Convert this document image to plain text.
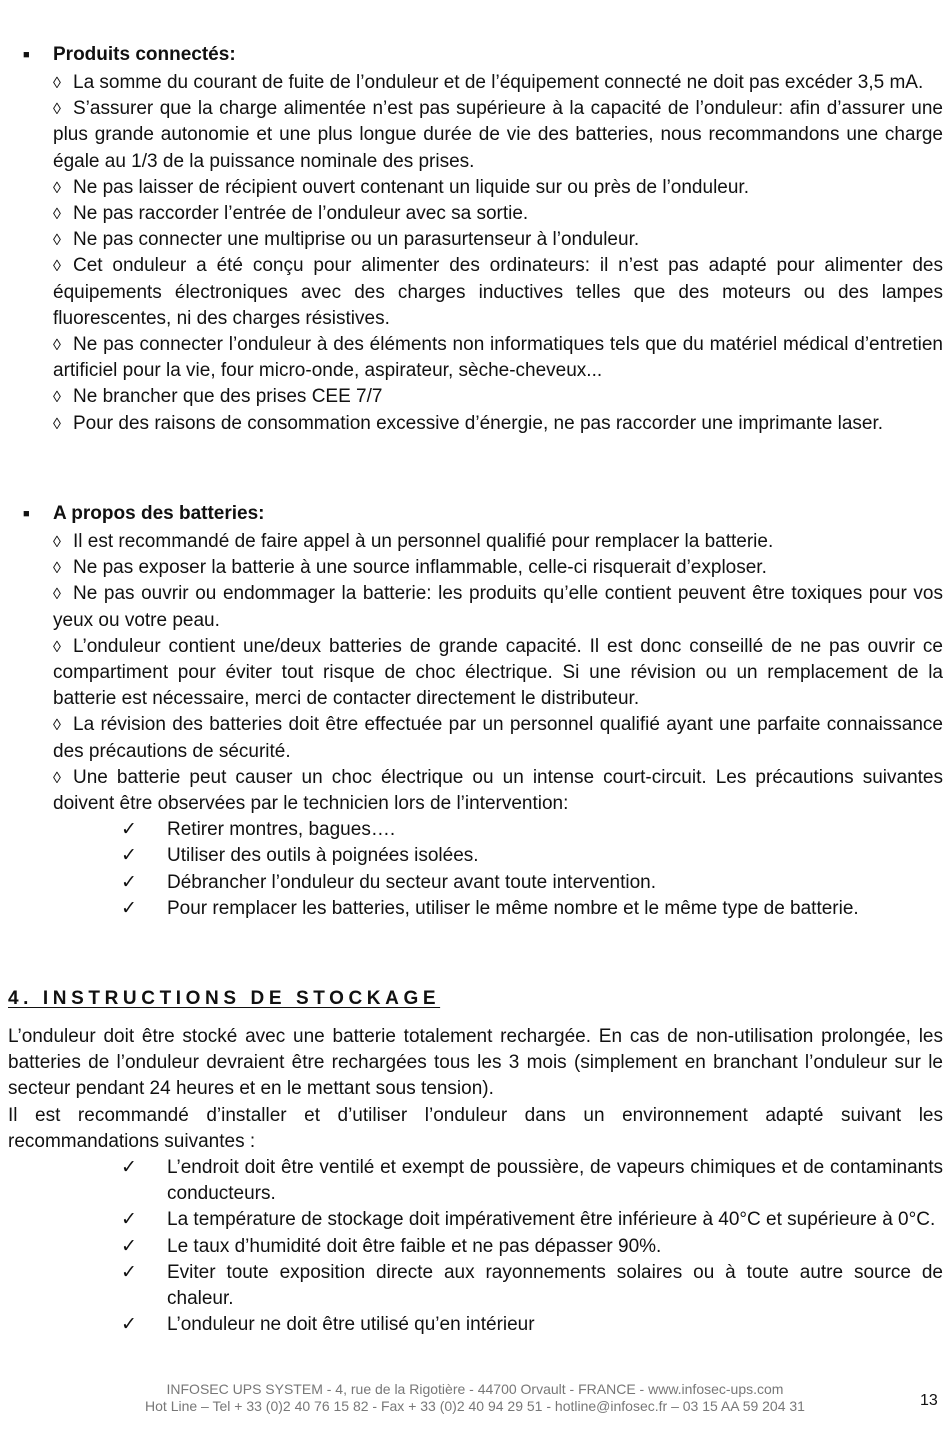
■	Produits connectés:
◊ La somme du courant de fuite de l’onduleur et de l’équipement connecté ne doit pas excéder 3,5 mA.
◊ S’assurer que la charge alimentée n’est pas supérieure à la capacité de l’onduleur: afin d’assurer une plus grande autonomie et une plus longue durée de vie des batteries, nous recommandons une charge égale au 1/3 de la puissance nominale des prises.
◊ Ne pas laisser de récipient ouvert contenant un liquide sur ou près de l’onduleur.
◊ Ne pas raccorder l’entrée de l’onduleur avec sa sortie.
◊ Ne pas connecter une multiprise ou un parasurtenseur à l’onduleur.
◊ Cet onduleur a été conçu pour alimenter des ordinateurs: il n’est pas adapté pour alimenter des équipements électroniques avec des charges inductives telles que des moteurs ou des lampes fluorescentes, ni des charges résistives.
◊ Ne pas connecter l’onduleur à des éléments non informatiques tels que du matériel médical d’entretien artificiel pour la vie, four micro-onde, aspirateur, sèche-cheveux...
◊ Ne brancher que des prises CEE 7/7
◊ Pour des raisons de consommation excessive d’énergie, ne pas raccorder une imprimante laser.
■	A propos des batteries:
◊ Il est recommandé de faire appel à un personnel qualifié pour remplacer la batterie.
◊ Ne pas exposer la batterie à une source inflammable, celle-ci risquerait d’exploser.
◊ Ne pas ouvrir ou endommager la batterie: les produits qu’elle contient peuvent être toxiques pour vos yeux ou votre peau.
◊ L’onduleur contient une/deux batteries de grande capacité. Il est donc conseillé de ne pas ouvrir ce compartiment pour éviter tout risque de choc électrique. Si une révision ou un remplacement de la batterie est nécessaire, merci de contacter directement le distributeur.
◊ La révision des batteries doit être effectuée par un personnel qualifié ayant une parfaite connaissance des précautions de sécurité.
◊ Une batterie peut causer un choc électrique ou un intense court-circuit. Les précautions suivantes doivent être observées par le technicien lors de l’intervention:
✓	Retirer montres, bagues….
✓	Utiliser des outils à poignées isolées.
✓	Débrancher l’onduleur du secteur avant toute intervention.
✓	Pour remplacer les batteries, utiliser le même nombre et le même type de batterie.
4. INSTRUCTIONS DE STOCKAGE
L’onduleur doit être stocké avec une batterie totalement rechargée. En cas de non-utilisation prolongée, les batteries de l’onduleur devraient être rechargées tous les 3 mois (simplement en branchant l’onduleur sur le secteur pendant 24 heures et en le mettant sous tension).
Il est recommandé d’installer et d’utiliser l’onduleur dans un environnement adapté suivant les recommandations suivantes :
✓	L’endroit doit être ventilé et exempt de poussière, de vapeurs chimiques et de contaminants conducteurs.
✓	La température de stockage doit impérativement être inférieure à 40°C et supérieure à 0°C.
✓	Le taux d’humidité doit être faible et ne pas dépasser 90%.
✓	Eviter toute exposition directe aux rayonnements solaires ou à toute autre source de chaleur.
✓	L’onduleur ne doit être utilisé qu’en intérieur
INFOSEC UPS SYSTEM - 4, rue de la Rigotière - 44700 Orvault - FRANCE - www.infosec-ups.com
Hot Line – Tel + 33 (0)2 40 76 15 82 - Fax + 33 (0)2 40 94 29 51 - hotline@infosec.fr – 03 15 AA 59 204 31	13
